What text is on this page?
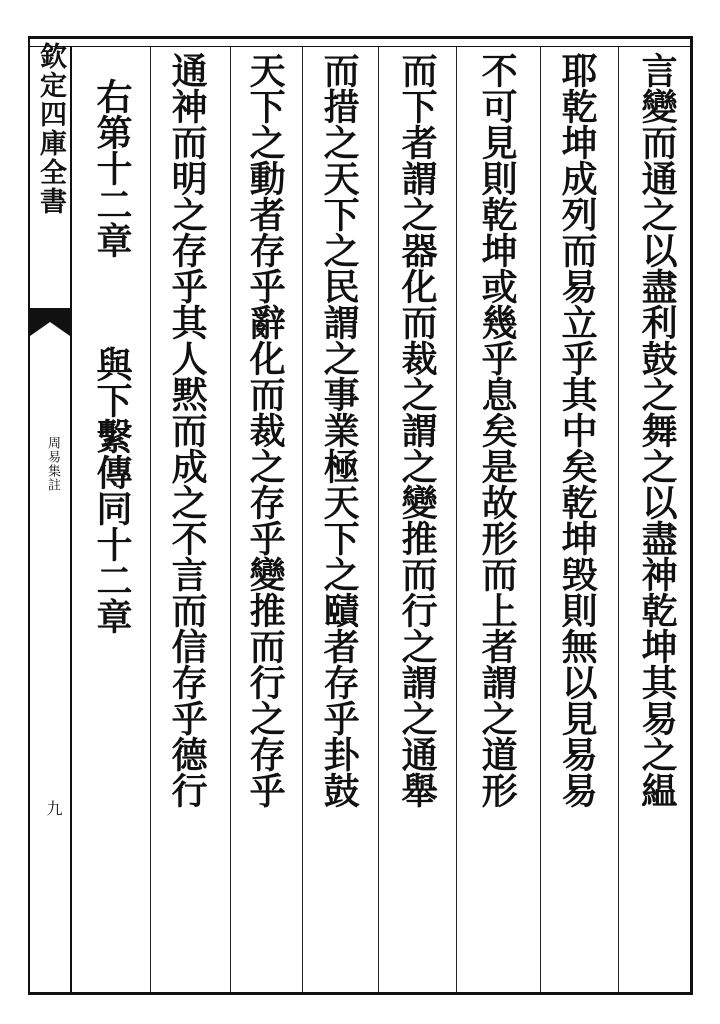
欽定四庫全書
周易集註
九	言變而通之以盡利鼓之舞之以盡神乾坤其易之緼
耶乾坤成列而易立乎其中矣乾坤毁則無以見易易
不可見則乾坤或幾乎息矣是故形而上者謂之道形
而下者謂之器化而裁之謂之變推而行之謂之通舉
而措之天下之民謂之事業極天下之賾者存乎卦鼓
天下之動者存乎辭化而裁之存乎變推而行之存乎
通神而明之存乎其人黙而成之不言而信存乎德行
右第十二章
與下繫傳同十二章
